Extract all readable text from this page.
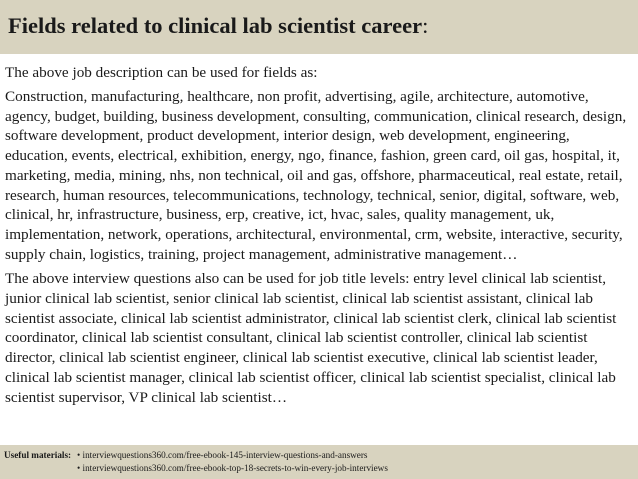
Fields related to clinical lab scientist career:

The above job description can be used for fields as:

Construction, manufacturing, healthcare, non profit, advertising, agile, architecture, automotive, agency, budget, building, business development, consulting, communication, clinical research, design, software development, product development, interior design, web development, engineering, education, events, electrical, exhibition, energy, ngo, finance, fashion, green card, oil gas, hospital, it, marketing, media, mining, nhs, non technical, oil and gas, offshore, pharmaceutical, real estate, retail, research, human resources, telecommunications, technology, technical, senior, digital, software, web, clinical, hr, infrastructure, business, erp, creative, ict, hvac, sales, quality management, uk, implementation, network, operations, architectural, environmental, crm, website, interactive, security, supply chain, logistics, training, project management, administrative management…

The above interview questions also can be used for job title levels: entry level clinical lab scientist, junior clinical lab scientist, senior clinical lab scientist, clinical lab scientist assistant, clinical lab scientist associate, clinical lab scientist administrator, clinical lab scientist clerk, clinical lab scientist coordinator, clinical lab scientist consultant, clinical lab scientist controller, clinical lab scientist director, clinical lab scientist engineer, clinical lab scientist executive, clinical lab scientist leader, clinical lab scientist manager, clinical lab scientist officer, clinical lab scientist specialist, clinical lab scientist supervisor, VP clinical lab scientist…

Useful materials: • interviewquestions360.com/free-ebook-145-interview-questions-and-answers
• interviewquestions360.com/free-ebook-top-18-secrets-to-win-every-job-interviews
